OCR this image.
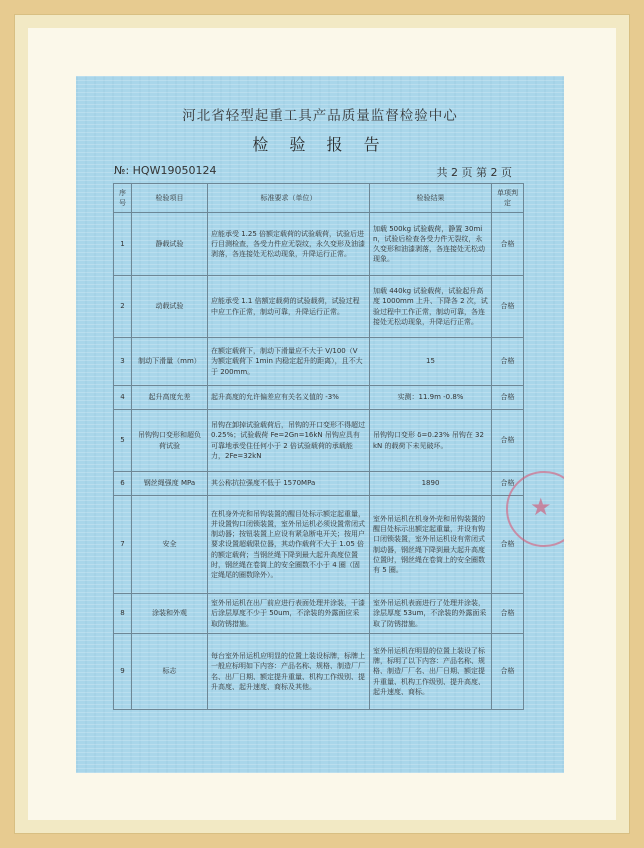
河北省轻型起重工具产品质量监督检验中心
检 验 报 告
№: HQW19050124	共 2 页 第 2 页
序号	检验项目	标准要求（单位）	检验结果	单项判定
1	静载试验	应能承受 1.25 倍额定载荷的试验载荷，试验后进行目测检查，各受力件应无裂纹，永久变形及油漆剥落，各连接处无松动现象，升降运行正常。	加载 500kg 试验载荷，静置 30min，试验后检查各受力件无裂纹，永久变形和油漆剥落，各连接处无松动现象。	合格
2	动载试验	应能承受 1.1 倍额定载荷的试验载荷，试验过程中应工作正常，制动可靠，升降运行正常。	加载 440kg 试验载荷，试验起升高度 1000mm 上升、下降各 2 次，试验过程中工作正常，制动可靠，各连接处无松动现象，升降运行正常。	合格
3	制动下滑量（mm）	在额定载荷下，制动下滑量应不大于 V/100（V 为额定载荷下 1min 内稳定起升的距离），且不大于 200mm。	15	合格
4	起升高度允差	起升高度的允许偏差应有关名义值的 -3%	实测：11.9m -0.8%	合格
5	吊钩钩口变形和超负荷试验	吊钩在卸掉试验载荷后，吊钩的开口变形不得超过 0.25%；试验载荷 Fe=2Gn=16kN 吊钩应具有可靠地承受住任何小于 2 倍试验载荷的承载能力，2Fe=32kN	吊钩钩口变形 δ=0.23% 吊钩在 32kN 的载荷下未见破坏。	合格
6	钢丝绳强度 MPa	其公称抗拉强度不低于 1570MPa	1890	合格
7	安全	在机身外壳和吊钩装置的醒目处标示额定起重量，并设置钩口闭锁装置，室外吊运机必须设置常闭式制动器；按钮装置上应设有紧急断电开关；按用户要求设置超载限位器，其动作载荷不大于 1.05 倍的额定载荷；当钢丝绳下降到最大起升高度位置时，钢丝绳在卷筒上的安全圈数不小于 4 圈（固定绳尾的圈数除外）。	室外吊运机在机身外壳和吊钩装置的醒目处标示出额定起重量，并设有钩口闭锁装置，室外吊运机设有常闭式制动器，钢丝绳下降到最大起升高度位置时，钢丝绳在卷筒上的安全圈数有 5 圈。	合格
8	涂装和外观	室外吊运机在出厂前应进行表面处理并涂装，干漆后涂层厚度不少于 50um，不涂装的外露面应采取防锈措施。	室外吊运机表面进行了处理并涂装，涂层厚度 53um，不涂装的外露面采取了防锈措施。	合格
9	标志	每台室外吊运机应明显的位置上装设标牌，标牌上一般应标明如下内容：产品名称、规格、制造厂厂名、出厂日期、额定提升重量、机构工作级别、提升高度、起升速度、商标及其他。	室外吊运机在明显的位置上装设了标牌，标明了以下内容：产品名称、规格、制造厂厂名、出厂日期、额定提升重量、机构工作级别、提升高度、起升速度、商标。	合格

★
